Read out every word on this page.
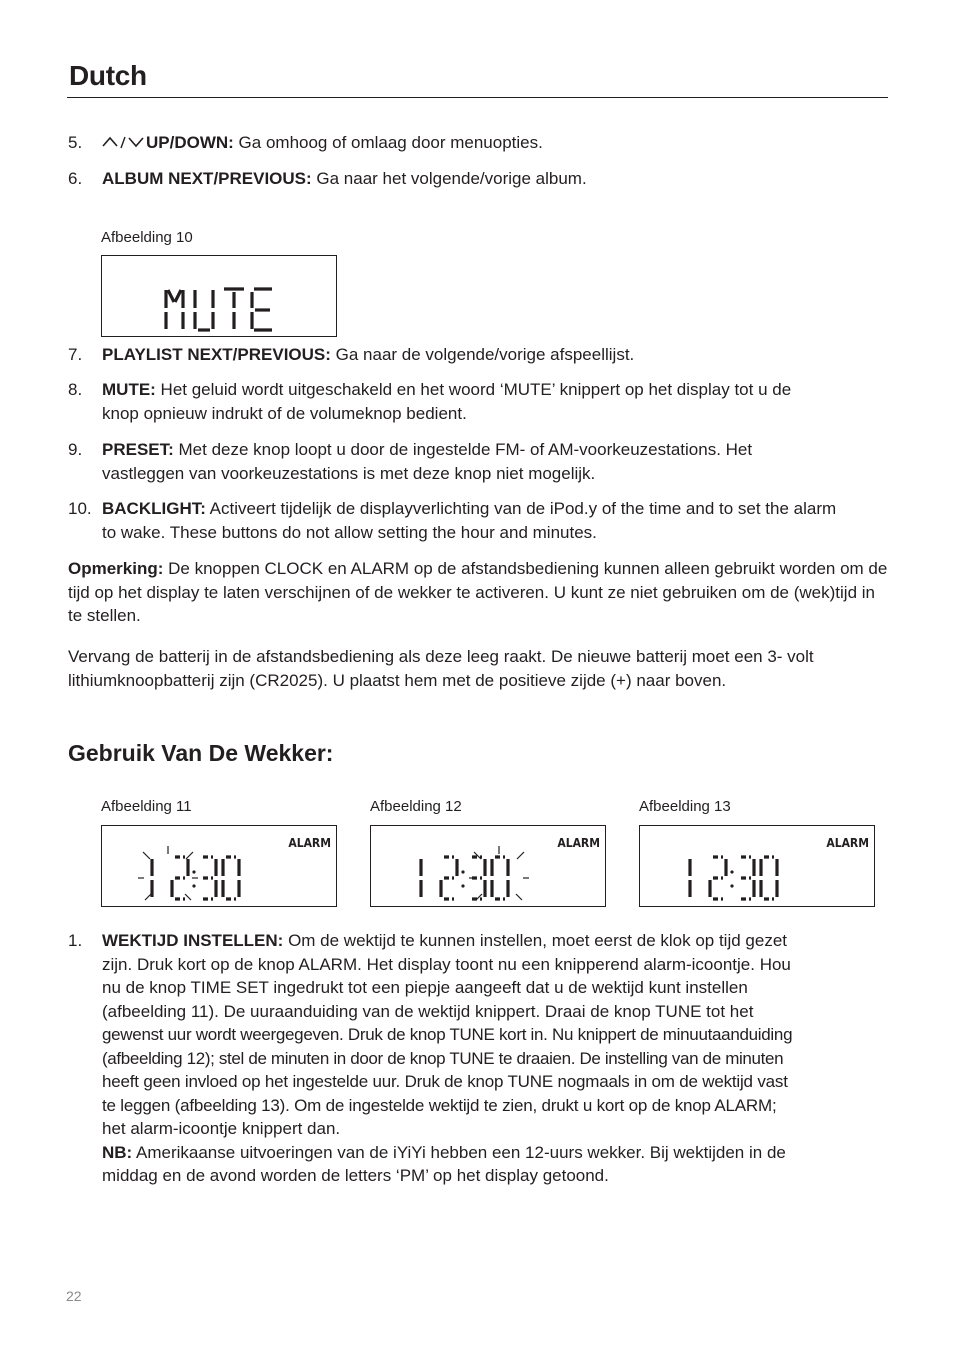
Dutch
5.	UP/DOWN: Ga omhoog of omlaag door menuopties.
6. ALBUM NEXT/PREVIOUS: Ga naar het volgende/vorige album.
Afbeelding 10
7. PLAYLIST NEXT/PREVIOUS: Ga naar de volgende/vorige afspeellijst.
8. MUTE: Het geluid wordt uitgeschakeld en het woord ‘MUTE’ knippert op het display tot u de knop opnieuw indrukt of de volumeknop bedient.
9. PRESET: Met deze knop loopt u door de ingestelde FM- of AM-voorkeuzestations. Het vastleggen van voorkeuzestations is met deze knop niet mogelijk.
10. BACKLIGHT: Activeert tijdelijk de displayverlichting van de iPod.y of the time and to set the alarm to wake. These buttons do not allow setting the hour and minutes.
Opmerking: De knoppen CLOCK en ALARM op de afstandsbediening kunnen alleen gebruikt worden om de tijd op het display te laten verschijnen of de wekker te activeren. U kunt ze niet gebruiken om de (wek)tijd in te stellen.
Vervang de batterij in de afstandsbediening als deze leeg raakt. De nieuwe batterij moet een 3- volt lithiumknoopbatterij zijn (CR2025). U plaatst hem met de positieve zijde (+) naar boven.
Gebruik Van De Wekker:
Afbeelding 11	Afbeelding 12	Afbeelding 13
ALARM	ALARM	ALARM
1. WEKTIJD INSTELLEN: Om de wektijd te kunnen instellen, moet eerst de klok op tijd gezet
zijn. Druk kort op de knop ALARM. Het display toont nu een knipperend alarm-icoontje. Hou
nu de knop TIME SET ingedrukt tot een piepje aangeeft dat u de wektijd kunt instellen
(afbeelding 11). De uuraanduiding van de wektijd knippert. Draai de knop TUNE tot het
gewenst uur wordt weergegeven. Druk de knop TUNE kort in. Nu knippert de minuutaanduiding
(afbeelding 12); stel de minuten in door de knop TUNE te draaien. De instelling van de minuten
heeft geen invloed op het ingestelde uur. Druk de knop TUNE nogmaals in om de wektijd vast
te leggen (afbeelding 13). Om de ingestelde wektijd te zien, drukt u kort op de knop ALARM;
het alarm-icoontje knippert dan.
NB: Amerikaanse uitvoeringen van de iYiYi hebben een 12-uurs wekker. Bij wektijden in de
middag en de avond worden de letters ‘PM’ op het display getoond.
22
